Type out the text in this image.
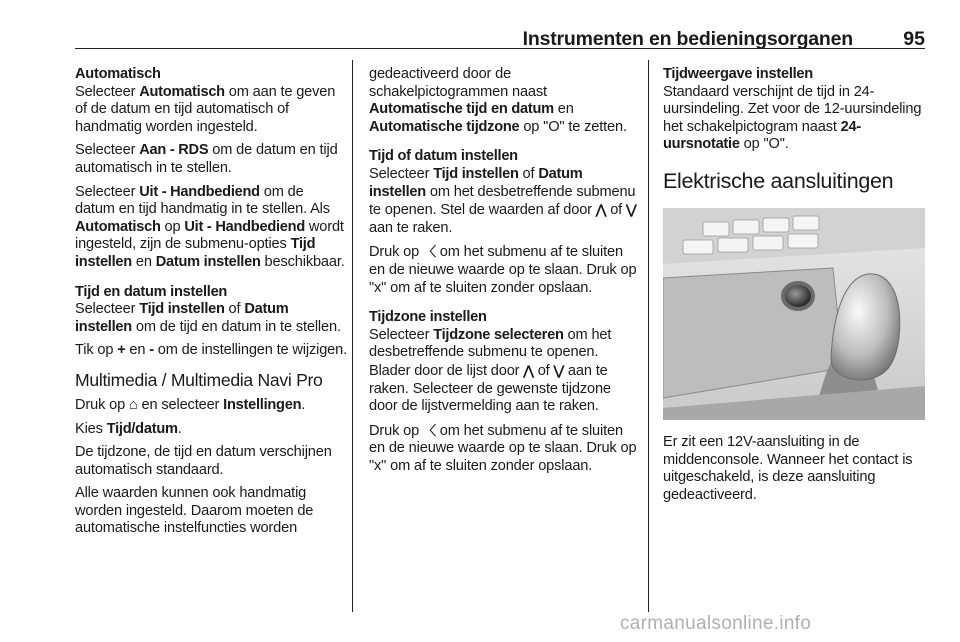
Instrumenten en bedieningsorganen	95

Automatisch
Selecteer Automatisch om aan te geven of de datum en tijd automatisch of handmatig worden ingesteld.

Selecteer Aan - RDS om de datum en tijd automatisch in te stellen.

Selecteer Uit - Handbediend om de datum en tijd handmatig in te stellen. Als Automatisch op Uit - Handbediend wordt ingesteld, zijn de submenu-opties Tijd instellen en Datum instellen beschikbaar.

Tijd en datum instellen
Selecteer Tijd instellen of Datum instellen om de tijd en datum in te stellen.

Tik op + en - om de instellingen te wijzigen.

Multimedia / Multimedia Navi Pro

Druk op ⌂ en selecteer Instellingen.

Kies Tijd/datum.

De tijdzone, de tijd en datum verschijnen automatisch standaard.

Alle waarden kunnen ook handmatig worden ingesteld. Daarom moeten de automatische instelfuncties worden

gedeactiveerd door de schakelpictogrammen naast Automatische tijd en datum en Automatische tijdzone op "O" te zetten.

Tijd of datum instellen
Selecteer Tijd instellen of Datum instellen om het desbetreffende submenu te openen. Stel de waarden af door ⋀ of ⋁ aan te raken.

Druk op 〈 om het submenu af te sluiten en de nieuwe waarde op te slaan. Druk op "x" om af te sluiten zonder opslaan.

Tijdzone instellen
Selecteer Tijdzone selecteren om het desbetreffende submenu te openen. Blader door de lijst door ⋀ of ⋁ aan te raken. Selecteer de gewenste tijdzone door de lijstvermelding aan te raken.

Druk op 〈 om het submenu af te sluiten en de nieuwe waarde op te slaan. Druk op "x" om af te sluiten zonder opslaan.

Tijdweergave instellen
Standaard verschijnt de tijd in 24-uursindeling. Zet voor de 12-uursindeling het schakelpictogram naast 24-uursnotatie op "O".

Elektrische aansluitingen

Er zit een 12V-aansluiting in de middenconsole. Wanneer het contact is uitgeschakeld, is deze aansluiting gedeactiveerd.

carmanualsonline.info
